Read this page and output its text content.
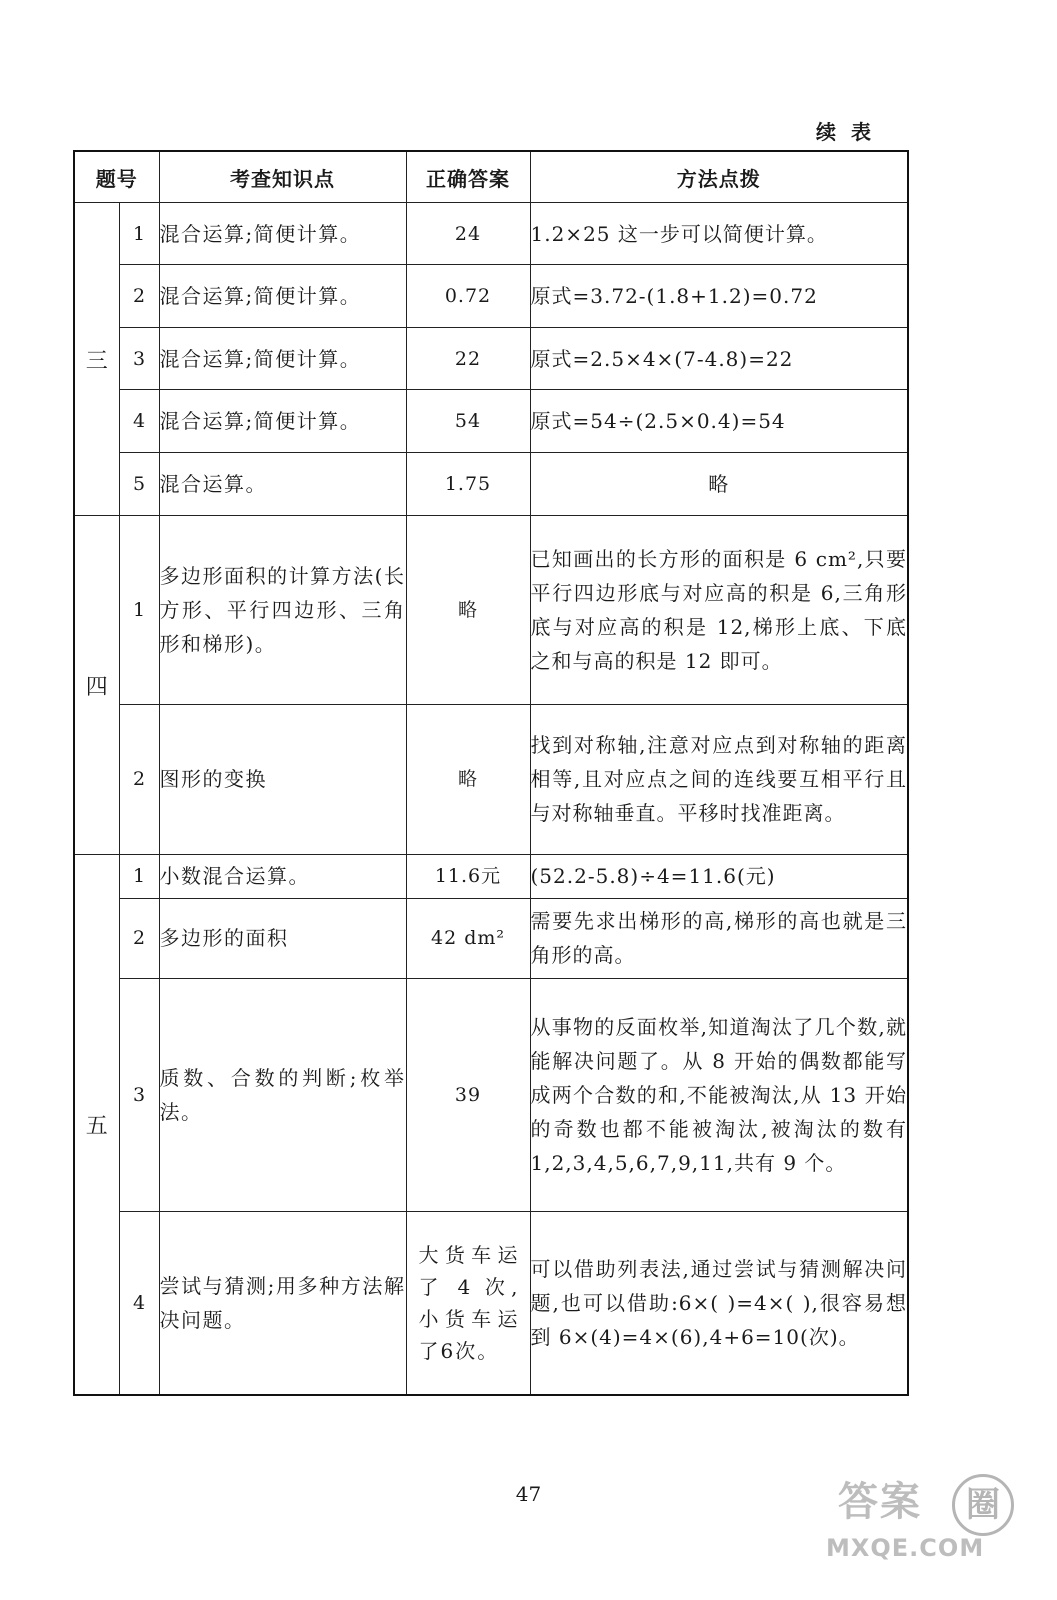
续 表
题号		考查知识点	正确答案	方法点拨
三	1	混合运算;简便计算。	24	1.2×25 这一步可以简便计算。
	2	混合运算;简便计算。	0.72	原式=3.72-(1.8+1.2)=0.72
	3	混合运算;简便计算。	22	原式=2.5×4×(7-4.8)=22
	4	混合运算;简便计算。	54	原式=54÷(2.5×0.4)=54
	5	混合运算。	1.75	略
四	1	多边形面积的计算方法(长方形、平行四边形、三角形和梯形)。	略	已知画出的长方形的面积是 6 cm²,只要平行四边形底与对应高的积是 6,三角形底与对应高的积是 12,梯形上底、下底之和与高的积是 12 即可。
	2	图形的变换	略	找到对称轴,注意对应点到对称轴的距离相等,且对应点之间的连线要互相平行且与对称轴垂直。平移时找准距离。
五	1	小数混合运算。	11.6元	(52.2-5.8)÷4=11.6(元)
	2	多边形的面积	42 dm²	需要先求出梯形的高,梯形的高也就是三角形的高。
	3	质数、合数的判断;枚举法。	39	从事物的反面枚举,知道淘汰了几个数,就能解决问题了。从 8 开始的偶数都能写成两个合数的和,不能被淘汰,从 13 开始的奇数也都不能被淘汰,被淘汰的数有 1,2,3,4,5,6,7,9,11,共有 9 个。
	4	尝试与猜测;用多种方法解决问题。	大货车运了 4 次,小货车运了6次。	可以借助列表法,通过尝试与猜测解决问题,也可以借助:6×( )=4×( ),很容易想到 6×(4)=4×(6),4+6=10(次)。
47	答案	圈
MXQE.COM
